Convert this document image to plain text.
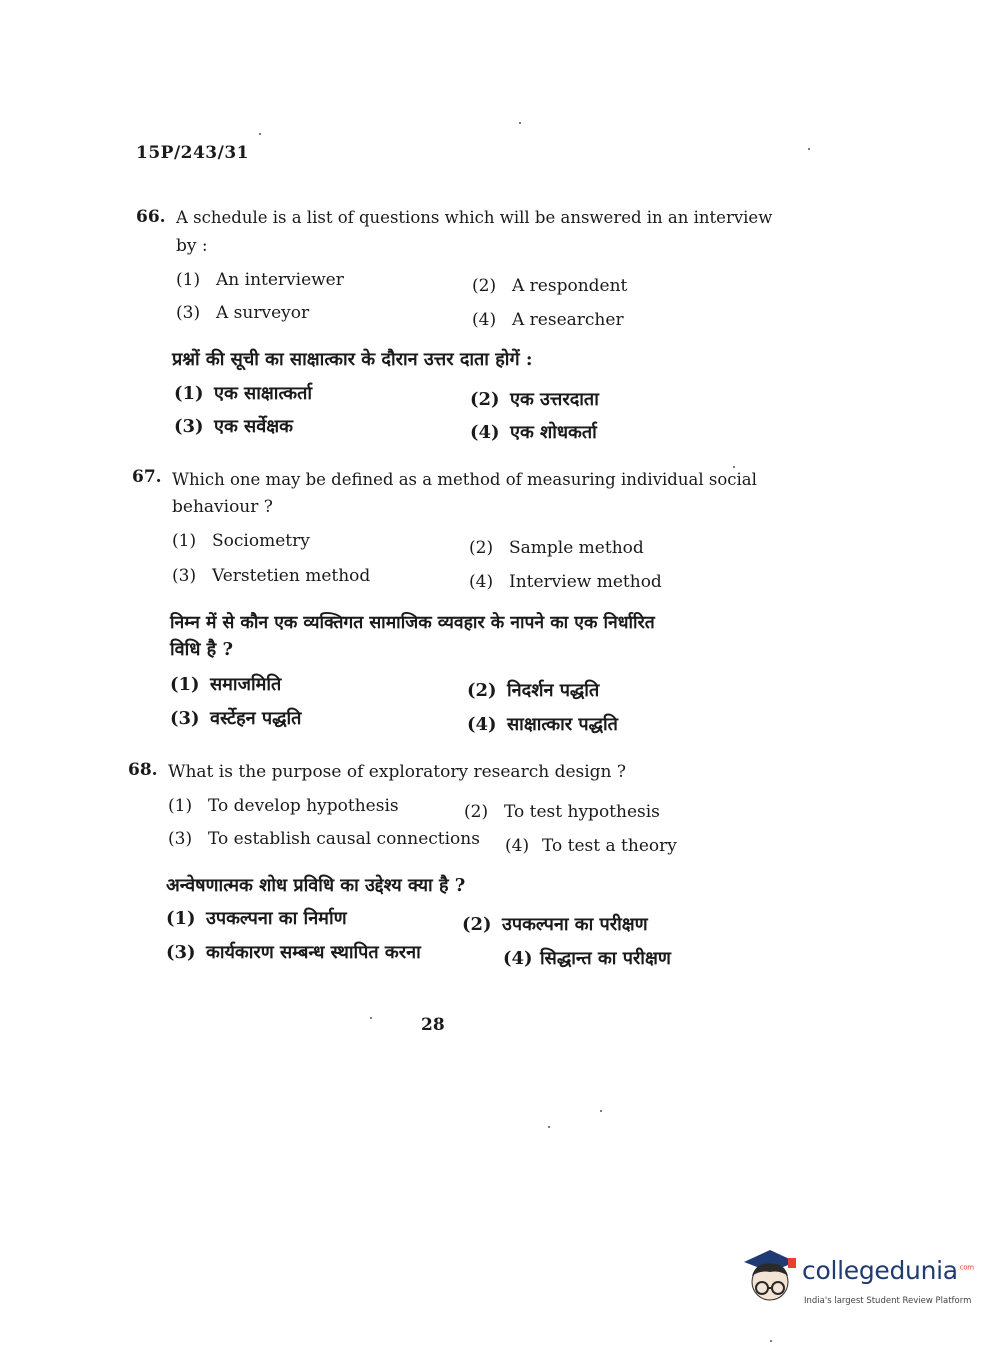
15P/243/31
66. A schedule is a list of questions which will be answered in an interview
by :
(1) An interviewer	(2) A respondent
(3) A surveyor	(4) A researcher
प्रश्नों की सूची का साक्षात्कार के दौरान उत्तर दाता होगें :
(1) एक साक्षात्कर्ता	(2) एक उत्तरदाता
(3) एक सर्वेक्षक	(4) एक शोधकर्ता
67. Which one may be defined as a method of measuring individual social
behaviour ?
(1) Sociometry	(2) Sample method
(3) Verstetien method	(4) Interview method
निम्न में से कौन एक व्यक्तिगत सामाजिक व्यवहार के नापने का एक निर्धारित
विधि है ?
(1) समाजमिति	(2) निदर्शन पद्धति
(3) वर्स्टेहन पद्धति	(4) साक्षात्कार पद्धति
68. What is the purpose of exploratory research design ?
(1) To develop hypothesis	(2) To test hypothesis
(3) To establish causal connections (4) To test a theory
अन्वेषणात्मक शोध प्रविधि का उद्देश्य क्या है ?
(1) उपकल्पना का निर्माण	(2) उपकल्पना का परीक्षण
(3) कार्यकारण सम्बन्ध स्थापित करना	(4) सिद्धान्त का परीक्षण
28
collegedunia$^{.com}$
India's largest Student Review Platform
